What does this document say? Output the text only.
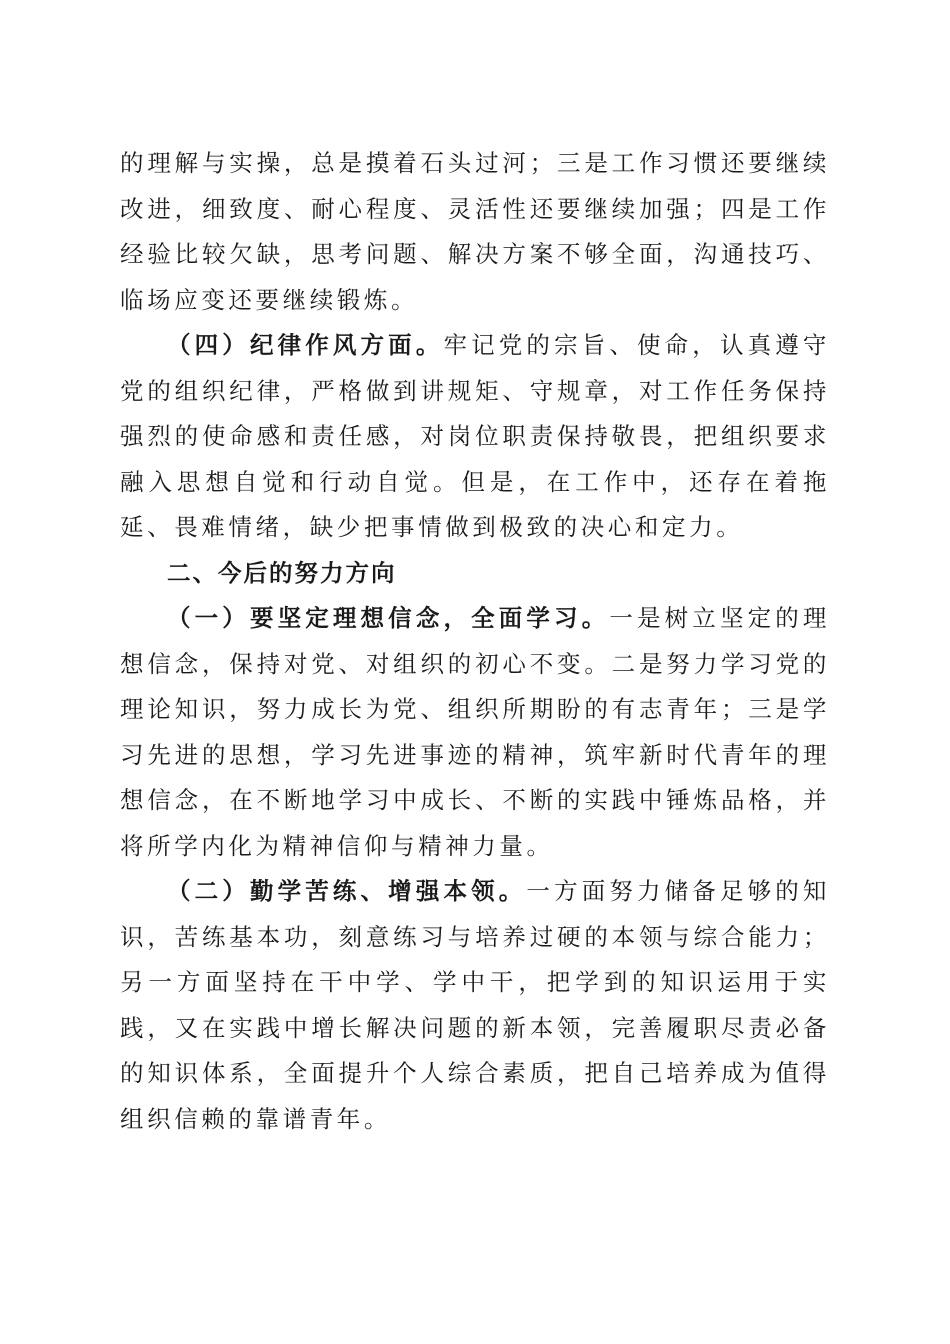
的理解与实操，总是摸着石头过河；三是工作习惯还要继续改进，细致度、耐心程度、灵活性还要继续加强；四是工作经验比较欠缺，思考问题、解决方案不够全面，沟通技巧、临场应变还要继续锻炼。

（四）纪律作风方面。牢记党的宗旨、使命，认真遵守党的组织纪律，严格做到讲规矩、守规章，对工作任务保持强烈的使命感和责任感，对岗位职责保持敬畏，把组织要求融入思想自觉和行动自觉。但是，在工作中，还存在着拖延、畏难情绪，缺少把事情做到极致的决心和定力。

二、今后的努力方向

（一）要坚定理想信念，全面学习。一是树立坚定的理想信念，保持对党、对组织的初心不变。二是努力学习党的理论知识，努力成长为党、组织所期盼的有志青年；三是学习先进的思想，学习先进事迹的精神，筑牢新时代青年的理想信念，在不断地学习中成长、不断的实践中锤炼品格，并将所学内化为精神信仰与精神力量。

（二）勤学苦练、增强本领。一方面努力储备足够的知识，苦练基本功，刻意练习与培养过硬的本领与综合能力；另一方面坚持在干中学、学中干，把学到的知识运用于实践，又在实践中增长解决问题的新本领，完善履职尽责必备的知识体系，全面提升个人综合素质，把自己培养成为值得组织信赖的靠谱青年。
